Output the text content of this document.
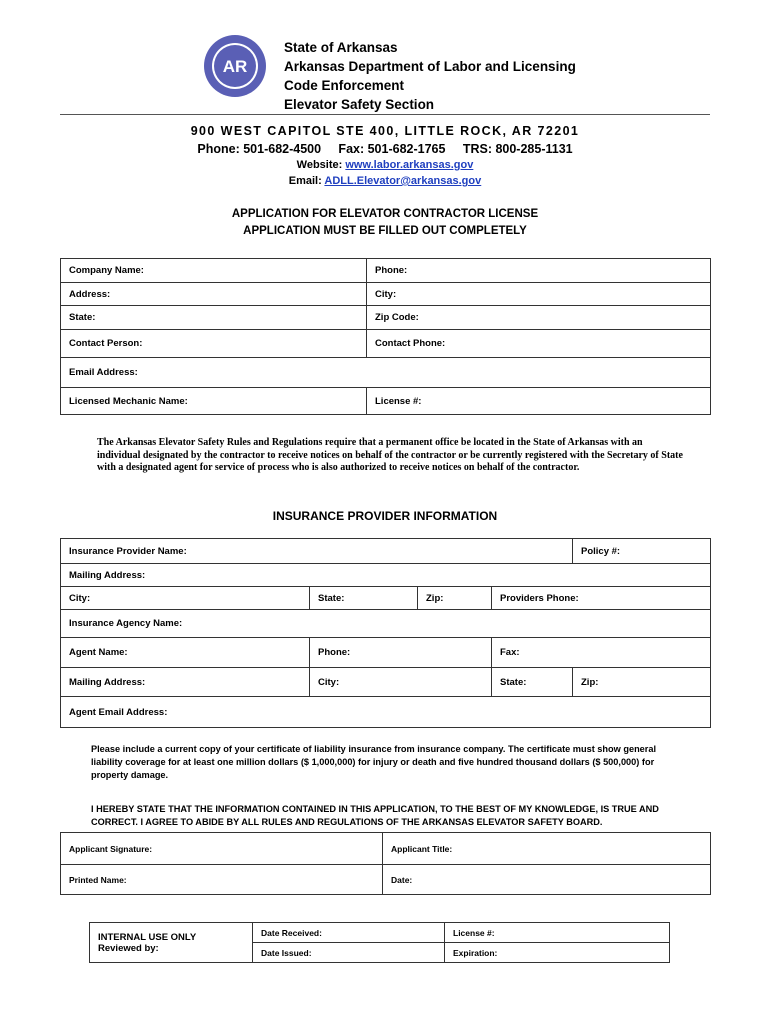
AR
State of Arkansas
Arkansas Department of Labor and Licensing
Code Enforcement
Elevator Safety Section
900 WEST CAPITOL STE 400, LITTLE ROCK, AR 72201
Phone: 501-682-4500     Fax: 501-682-1765     TRS: 800-285-1131
Website: www.labor.arkansas.gov
Email: ADLL.Elevator@arkansas.gov
APPLICATION FOR ELEVATOR CONTRACTOR LICENSE
APPLICATION MUST BE FILLED OUT COMPLETELY
Company Name:	Phone:
Address:	City:
State:	Zip Code:
Contact Person:	Contact Phone:
Email Address:	
Licensed Mechanic Name:	License #:
The Arkansas Elevator Safety Rules and Regulations require that a permanent office be located in the State of Arkansas with an individual designated by the contractor to receive notices on behalf of the contractor or be currently registered with the Secretary of State with a designated agent for service of process who is also authorized to receive notices on behalf of the contractor.
INSURANCE PROVIDER INFORMATION
Insurance Provider Name:				Policy #:
Mailing Address:				
City:	State:	Zip:	Providers Phone:	
Insurance Agency Name:				
Agent Name:	Phone:		Fax:	
Mailing Address:	City:		State:	Zip:
Agent Email Address:				
Please include a current copy of your certificate of liability insurance from insurance company. The certificate must show general liability coverage for at least one million dollars ($ 1,000,000) for injury or death and five hundred thousand dollars ($ 500,000) for property damage.
I HEREBY STATE THAT THE INFORMATION CONTAINED IN THIS APPLICATION, TO THE BEST OF MY KNOWLEDGE, IS TRUE AND CORRECT. I AGREE TO ABIDE BY ALL RULES AND REGULATIONS OF THE ARKANSAS ELEVATOR SAFETY BOARD.
Applicant Signature:	Applicant Title:
Printed Name:	Date:
INTERNAL USE ONLY	Date Received:	License #:
Reviewed by:	Date Issued:	Expiration:
